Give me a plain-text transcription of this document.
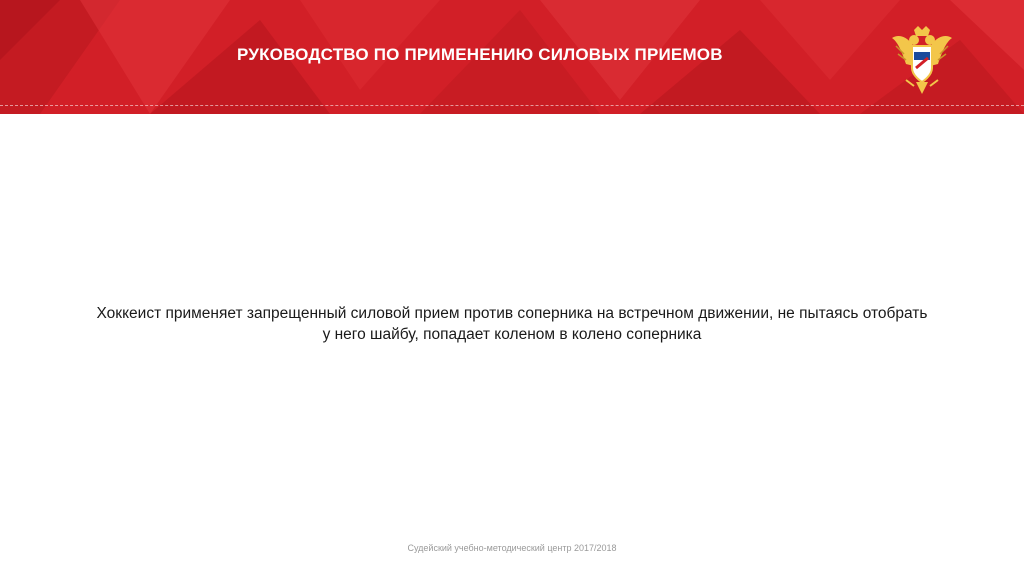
РУКОВОДСТВО ПО ПРИМЕНЕНИЮ СИЛОВЫХ ПРИЕМОВ
Хоккеист применяет запрещенный силовой прием против соперника на встречном движении, не пытаясь отобрать
у него шайбу, попадает коленом в колено соперника
Судейский учебно-методический центр 2017/2018
